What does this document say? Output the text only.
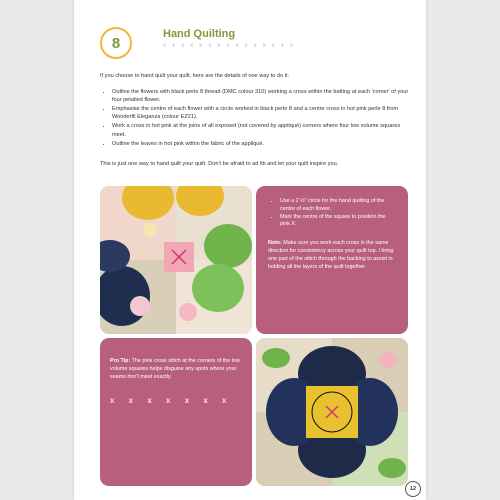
8
Hand Quilting
x x x x x x x x x x x x x x x
If you choose to hand quilt your quilt, here are the details of one way to do it.
• Outline the flowers with black perle 8 thread (DMC colour 310) working a cross within the batting at each 'corner' of your four petalled flower.
• Emphasise the centre of each flower with a circle worked in black perle 8 and a centre cross in hot pink perle 8 from Wonderfil Eleganza (colour EZ21).
• Work a cross in hot pink at the joins of all exposed (not covered by appliqué) corners where four low volume squares meet.
• Outline the leaves in hot pink within the fabric of the appliqué.
This is just one way to hand quilt your quilt. Don't be afraid to ad lib and let your quilt inspire you.
• Use a 2 ½" circle for the hand quilting of the centre of each flower.
• Mark the centre of the square to position the pink X.
Note: Make sure you work each cross in the same direction for consistency across your quilt top. I bring one part of the stitch through the backing to assist in holding all the layers of the quilt together.
Pro Tip: The pink cross stitch at the corners of the low volume squares helps disguise any spots where your seams don't meet exactly.
x x x x x x x
12
